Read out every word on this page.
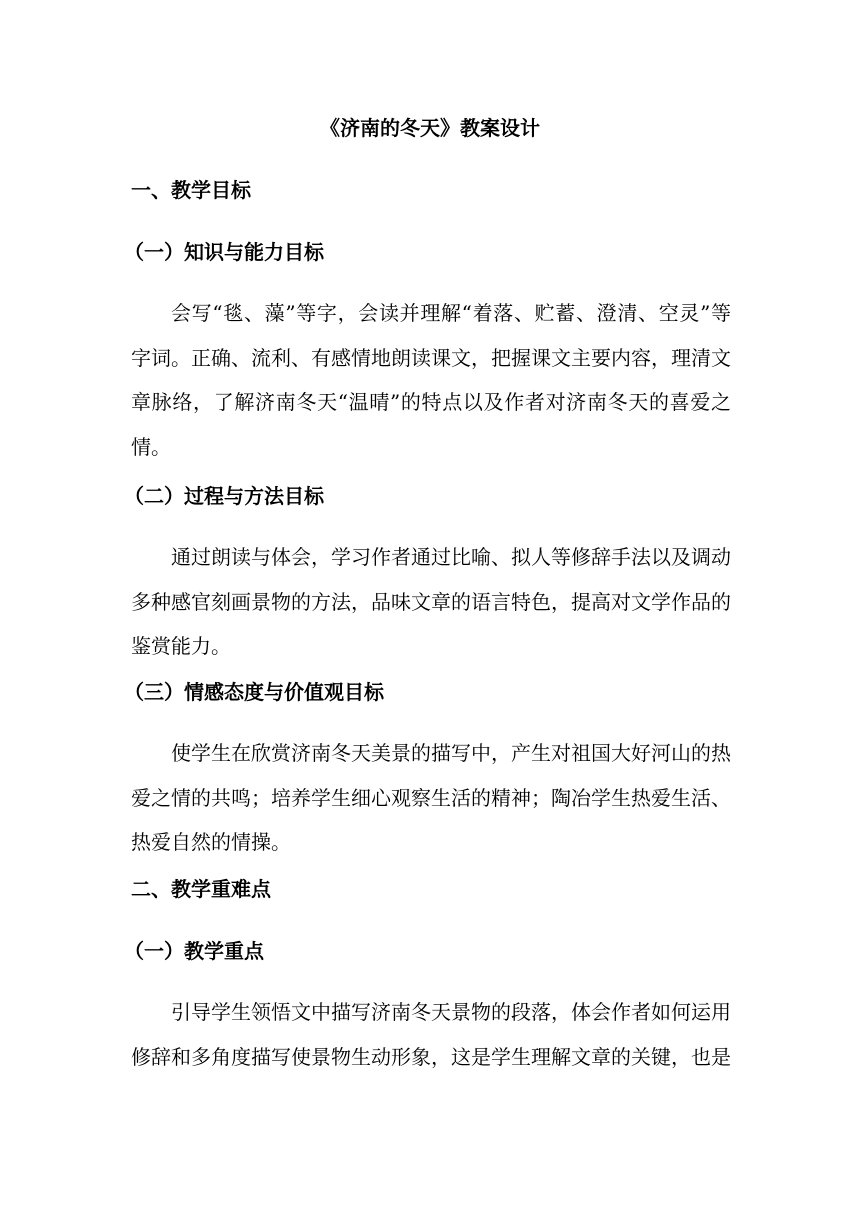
《济南的冬天》教案设计
一、教学目标
（一）知识与能力目标

会写“毯、藻”等字，会读并理解“着落、贮蓄、澄清、空灵”等字词。正确、流利、有感情地朗读课文，把握课文主要内容，理清文章脉络，了解济南冬天“温晴”的特点以及作者对济南冬天的喜爱之情。

（二）过程与方法目标

通过朗读与体会，学习作者通过比喻、拟人等修辞手法以及调动多种感官刻画景物的方法，品味文章的语言特色，提高对文学作品的鉴赏能力。

（三）情感态度与价值观目标

使学生在欣赏济南冬天美景的描写中，产生对祖国大好河山的热爱之情的共鸣；培养学生细心观察生活的精神；陶冶学生热爱生活、热爱自然的情操。

二、教学重难点
（一）教学重点

引导学生领悟文中描写济南冬天景物的段落，体会作者如何运用修辞和多角度描写使景物生动形象，这是学生理解文章的关键，也是
